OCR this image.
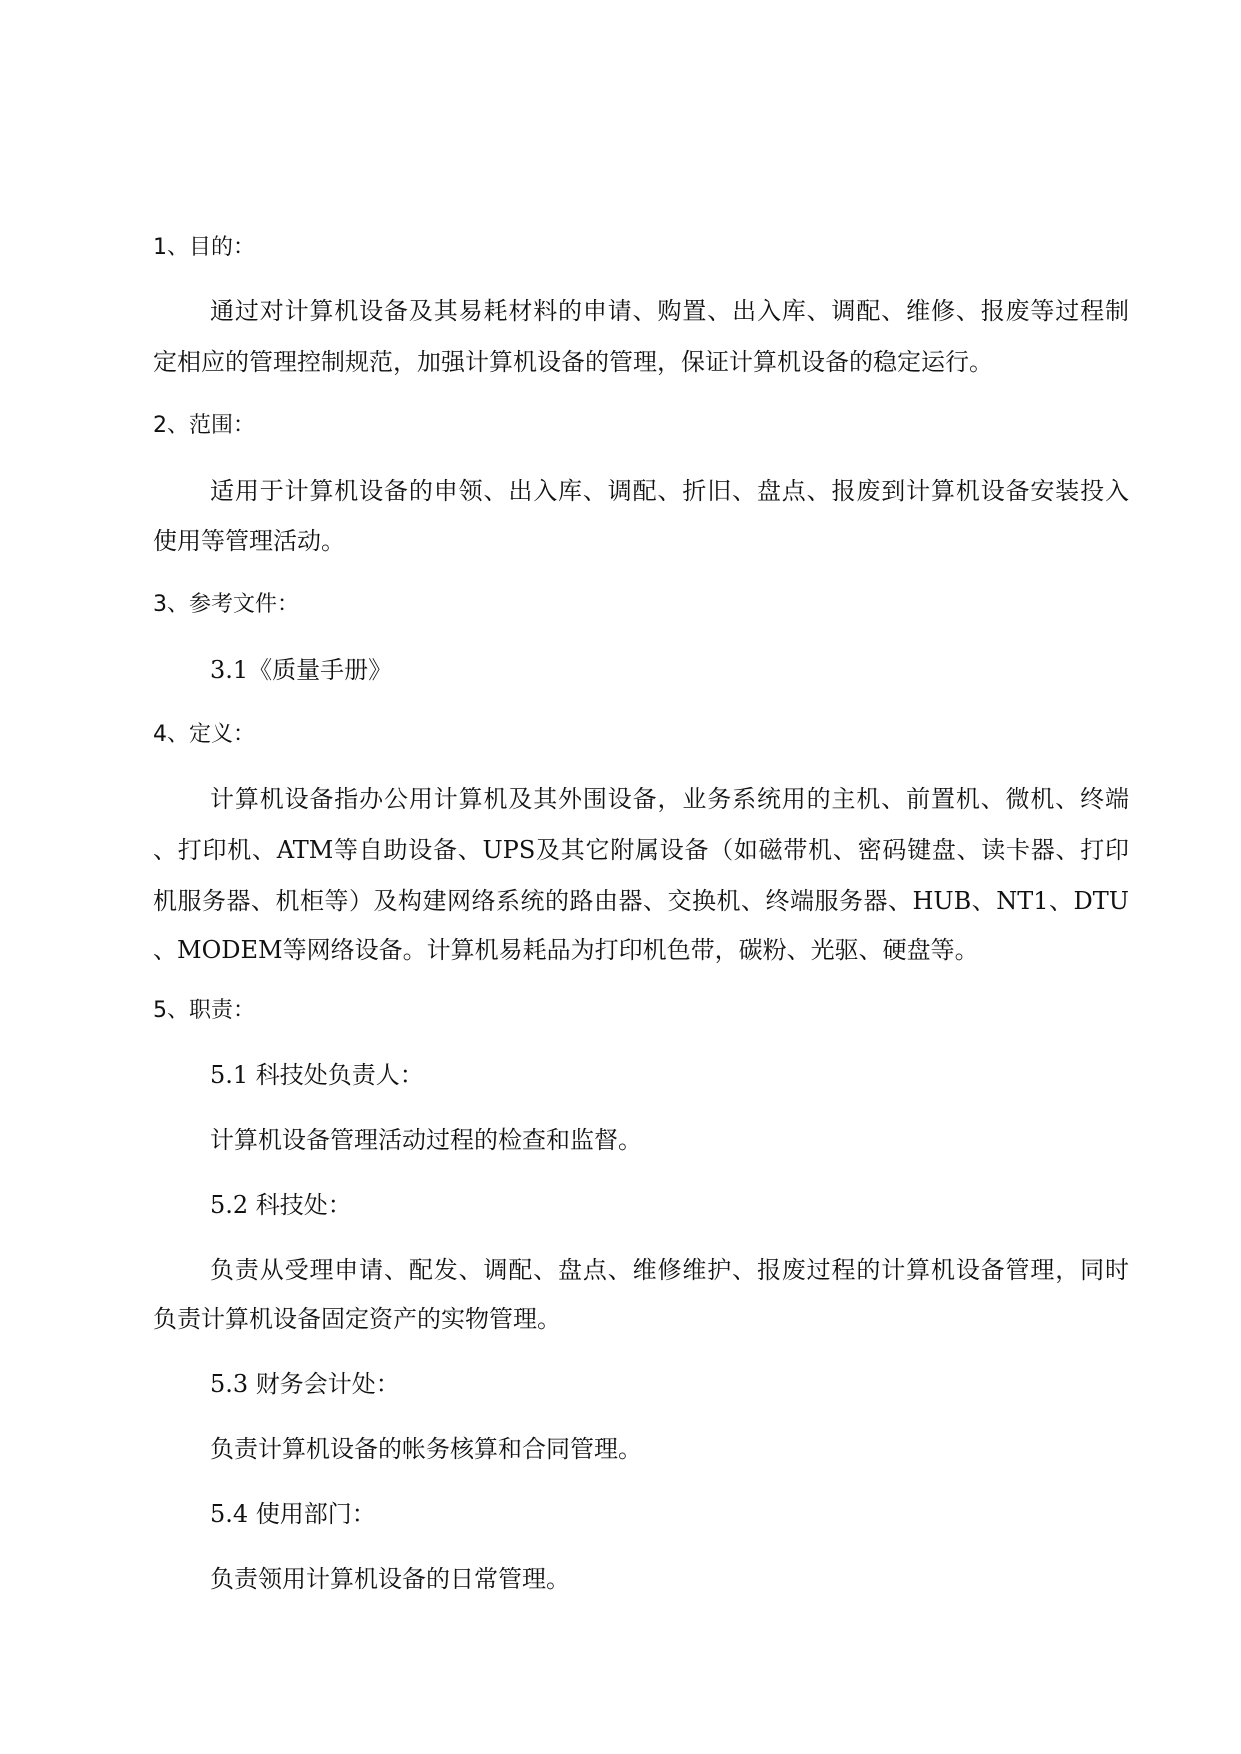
1、目的：
通过对计算机设备及其易耗材料的申请、购置、出入库、调配、维修、报废等过程制
定相应的管理控制规范，加强计算机设备的管理，保证计算机设备的稳定运行。
2、范围：
适用于计算机设备的申领、出入库、调配、折旧、盘点、报废到计算机设备安装投入
使用等管理活动。
3、参考文件：
3.1《质量手册》
4、定义：
计算机设备指办公用计算机及其外围设备，业务系统用的主机、前置机、微机、终端
、打印机、ATM等自助设备、UPS及其它附属设备（如磁带机、密码键盘、读卡器、打印
机服务器、机柜等）及构建网络系统的路由器、交换机、终端服务器、HUB、NT1、DTU
、MODEM等网络设备。计算机易耗品为打印机色带，碳粉、光驱、硬盘等。
5、职责：
5.1 科技处负责人：
计算机设备管理活动过程的检查和监督。
5.2 科技处：
负责从受理申请、配发、调配、盘点、维修维护、报废过程的计算机设备管理，同时
负责计算机设备固定资产的实物管理。
5.3 财务会计处：
负责计算机设备的帐务核算和合同管理。
5.4 使用部门：
负责领用计算机设备的日常管理。
